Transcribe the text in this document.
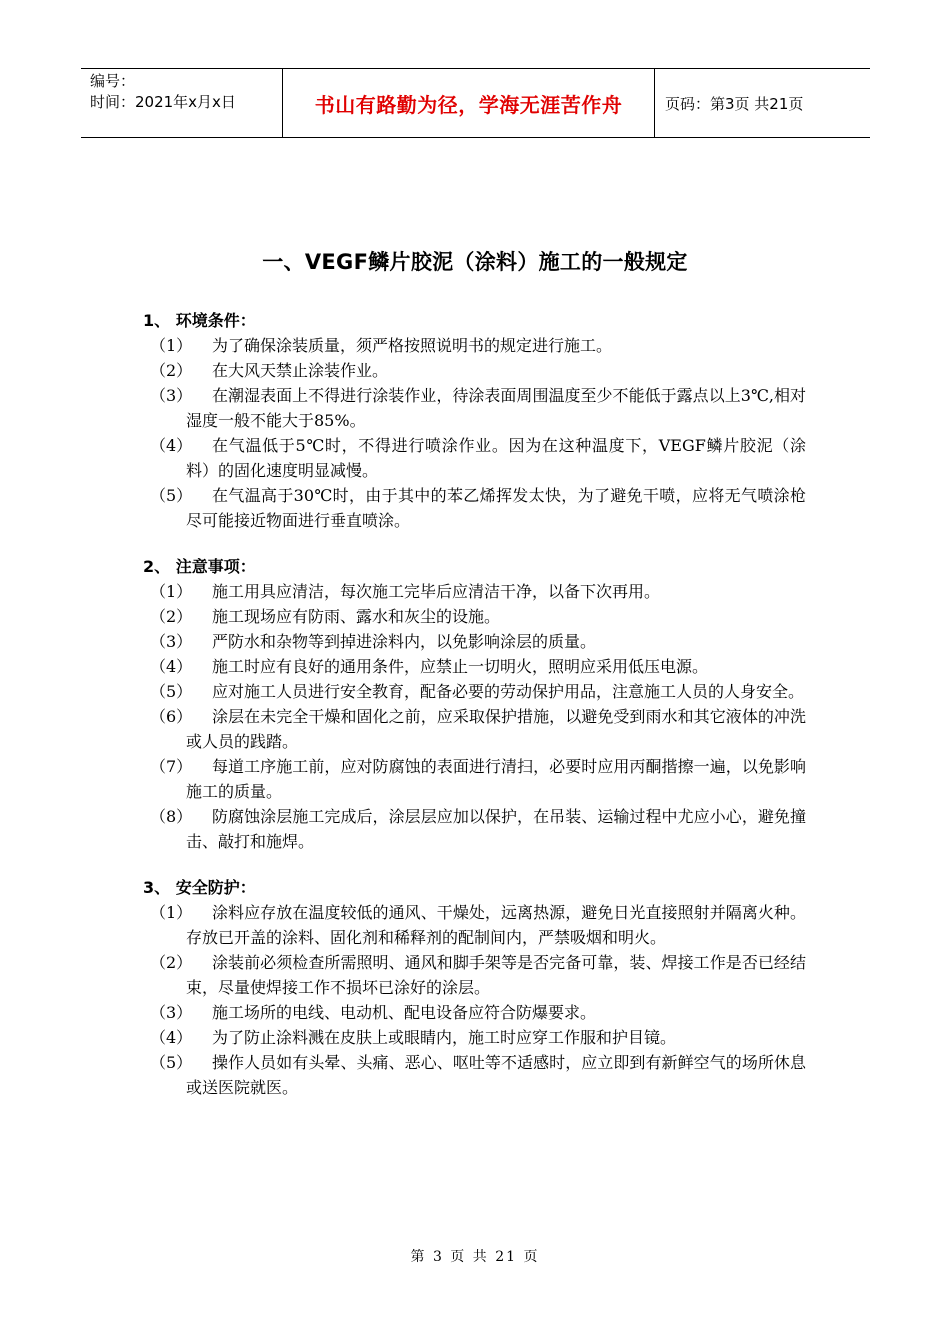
编号：
时间：2021年x月x日	书山有路勤为径，学海无涯苦作舟	页码：第3页 共21页
一、VEGF鳞片胶泥（涂料）施工的一般规定
1、 环境条件：
（1）	为了确保涂装质量，须严格按照说明书的规定进行施工。
（2）	在大风天禁止涂装作业。
（3）	在潮湿表面上不得进行涂装作业，待涂表面周围温度至少不能低于露点以上3℃,相对湿度一般不能大于85%。
（4）	在气温低于5℃时，不得进行喷涂作业。因为在这种温度下，VEGF鳞片胶泥（涂料）的固化速度明显减慢。
（5）	在气温高于30℃时，由于其中的苯乙烯挥发太快，为了避免干喷，应将无气喷涂枪尽可能接近物面进行垂直喷涂。
2、 注意事项：
（1）	施工用具应清洁，每次施工完毕后应清洁干净，以备下次再用。
（2）	施工现场应有防雨、露水和灰尘的设施。
（3）	严防水和杂物等到掉进涂料内，以免影响涂层的质量。
（4）	施工时应有良好的通用条件，应禁止一切明火，照明应采用低压电源。
（5）	应对施工人员进行安全教育，配备必要的劳动保护用品，注意施工人员的人身安全。
（6）	涂层在未完全干燥和固化之前，应采取保护措施，以避免受到雨水和其它液体的冲洗或人员的践踏。
（7）	每道工序施工前，应对防腐蚀的表面进行清扫，必要时应用丙酮揩擦一遍，以免影响施工的质量。
（8）	防腐蚀涂层施工完成后，涂层层应加以保护，在吊装、运输过程中尤应小心，避免撞击、敲打和施焊。
3、 安全防护：
（1）	涂料应存放在温度较低的通风、干燥处，远离热源，避免日光直接照射并隔离火种。存放已开盖的涂料、固化剂和稀释剂的配制间内，严禁吸烟和明火。
（2）	涂装前必须检查所需照明、通风和脚手架等是否完备可靠，装、焊接工作是否已经结束，尽量使焊接工作不损坏已涂好的涂层。
（3）	施工场所的电线、电动机、配电设备应符合防爆要求。
（4）	为了防止涂料溅在皮肤上或眼睛内，施工时应穿工作服和护目镜。
（5）	操作人员如有头晕、头痛、恶心、呕吐等不适感时，应立即到有新鲜空气的场所休息或送医院就医。
第 3 页 共 21 页
